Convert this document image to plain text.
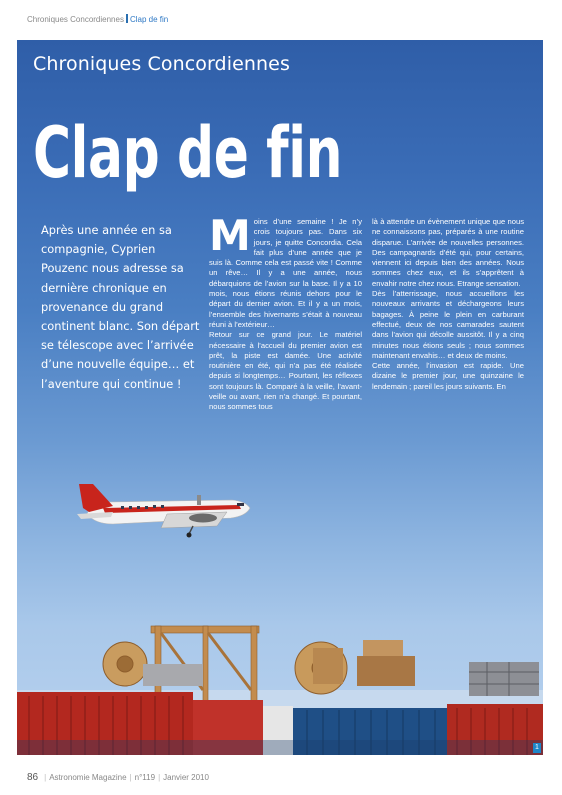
Chroniques Concordiennes Clap de fin
Chroniques Concordiennes
Clap de fin
Après une année en sa compagnie, Cyprien Pouzenc nous adresse sa dernière chronique en provenance du grand continent blanc. Son départ se télescope avec l’arrivée d’une nouvelle équipe… et l’aventure qui continue !

Moins d’une semaine ! Je n’y crois toujours pas. Dans six jours, je quitte Concordia. Cela fait plus d’une année que je suis là. Comme cela est passé vite ! Comme un rêve… Il y a une année, nous débarquions de l’avion sur la base. Il y a 10 mois, nous étions réunis dehors pour le départ du dernier avion. Et il y a un mois, l’ensemble des hivernants s’était à nouveau réuni à l’extérieur…

Retour sur ce grand jour. Le matériel nécessaire à l’accueil du premier avion est prêt, la piste est damée. Une activité routinière en été, qui n’a pas été réalisée depuis si longtemps… Pourtant, les réflexes sont toujours là. Comparé à la veille, l’avant-veille ou avant, rien n’a changé. Et pourtant, nous sommes tous

là à attendre un évènement unique que nous ne connaissons pas, préparés à une routine disparue. L’arrivée de nouvelles personnes. Des campagnards d’été qui, pour certains, viennent ici depuis bien des années. Nous sommes chez eux, et ils s’apprêtent à envahir notre chez nous. Etrange sensation.

Dès l’atterrissage, nous accueillons les nouveaux arrivants et déchargeons leurs bagages. À peine le plein en carburant effectué, deux de nos camarades sautent dans l’avion qui décolle aussitôt. Il y a cinq minutes nous étions seuls ; nous sommes maintenant envahis… et deux de moins.

Cette année, l’invasion est rapide. Une dizaine le premier jour, une quinzaine le lendemain ; pareil les jours suivants. En

1
86 | Astronomie Magazine | n°119 | Janvier 2010
